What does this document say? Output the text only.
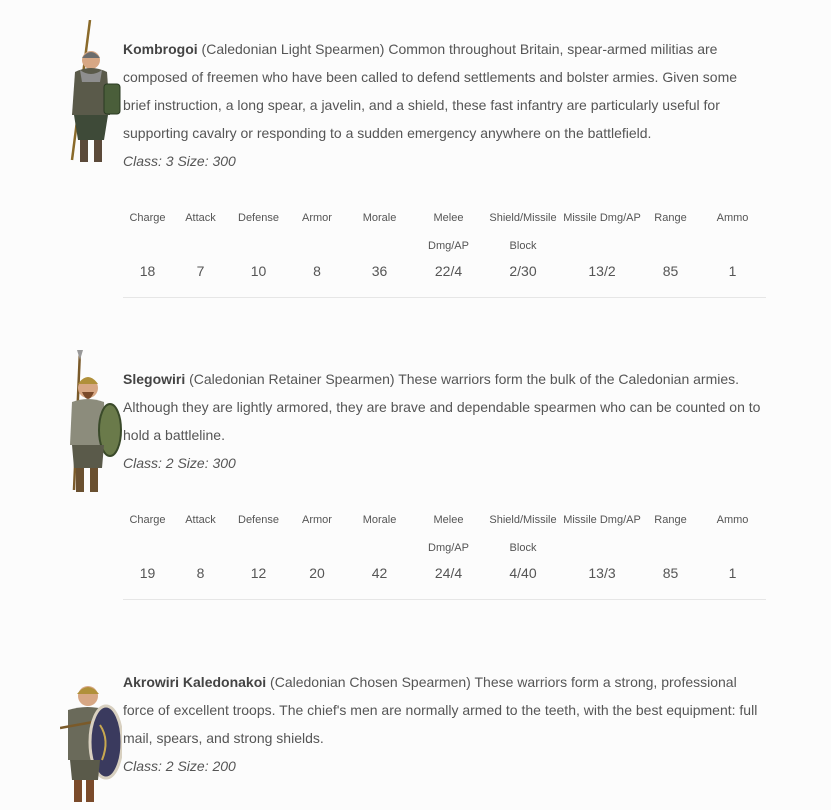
Kombrogoi (Caledonian Light Spearmen) Common throughout Britain, spear-armed militias are composed of freemen who have been called to defend settlements and bolster armies. Given some brief instruction, a long spear, a javelin, and a shield, these fast infantry are particularly useful for supporting cavalry or responding to a sudden emergency anywhere on the battlefield.
Class: 3 Size: 300
Charge	Attack	Defense	Armor	Morale	Melee Dmg/AP	Shield/Missile Block	Missile Dmg/AP	Range	Ammo
18	7	10	8	36	22/4	2/30	13/2	85	1
Slegowiri (Caledonian Retainer Spearmen) These warriors form the bulk of the Caledonian armies. Although they are lightly armored, they are brave and dependable spearmen who can be counted on to hold a battleline.
Class: 2 Size: 300
Charge	Attack	Defense	Armor	Morale	Melee Dmg/AP	Shield/Missile Block	Missile Dmg/AP	Range	Ammo
19	8	12	20	42	24/4	4/40	13/3	85	1
Akrowiri Kaledonakoi (Caledonian Chosen Spearmen) These warriors form a strong, professional force of excellent troops. The chief's men are normally armed to the teeth, with the best equipment: full mail, spears, and strong shields.
Class: 2 Size: 200
